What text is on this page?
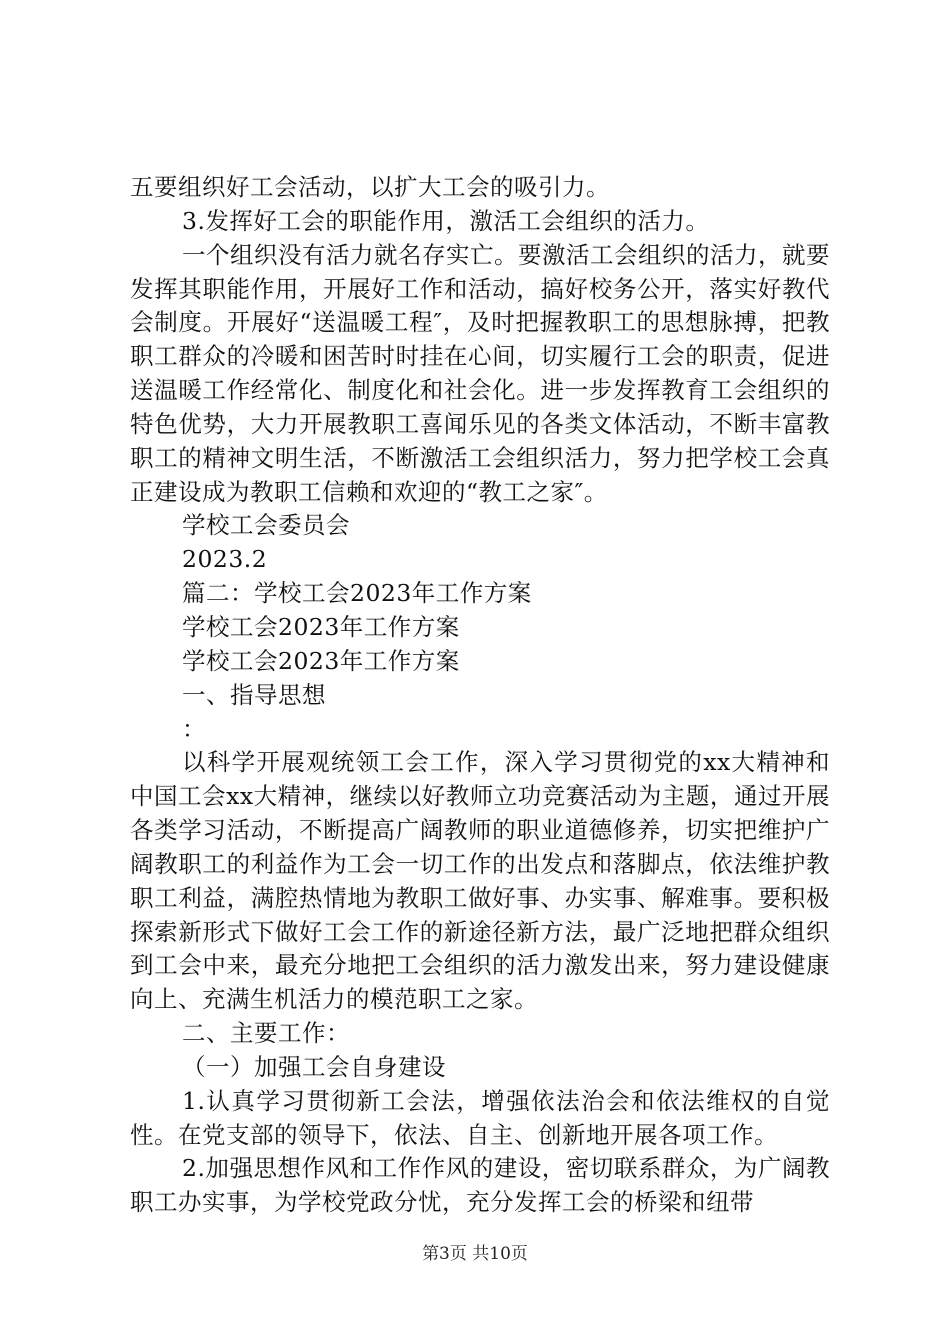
五要组织好工会活动，以扩大工会的吸引力。

3.发挥好工会的职能作用，激活工会组织的活力。

一个组织没有活力就名存实亡。要激活工会组织的活力，就要发挥其职能作用，开展好工作和活动，搞好校务公开，落实好教代会制度。开展好“送温暖工程″，及时把握教职工的思想脉搏，把教职工群众的冷暖和困苦时时挂在心间，切实履行工会的职责，促进送温暖工作经常化、制度化和社会化。进一步发挥教育工会组织的特色优势，大力开展教职工喜闻乐见的各类文体活动，不断丰富教职工的精神文明生活，不断激活工会组织活力，努力把学校工会真正建设成为教职工信赖和欢迎的“教工之家″。

学校工会委员会

2023.2

篇二：学校工会2023年工作方案

学校工会2023年工作方案

学校工会2023年工作方案

一、指导思想

：

以科学开展观统领工会工作，深入学习贯彻党的xx大精神和中国工会xx大精神，继续以好教师立功竞赛活动为主题，通过开展各类学习活动，不断提高广阔教师的职业道德修养，切实把维护广阔教职工的利益作为工会一切工作的出发点和落脚点，依法维护教职工利益，满腔热情地为教职工做好事、办实事、解难事。要积极探索新形式下做好工会工作的新途径新方法，最广泛地把群众组织到工会中来，最充分地把工会组织的活力激发出来，努力建设健康向上、充满生机活力的模范职工之家。

二、主要工作：

（一）加强工会自身建设

1.认真学习贯彻新工会法，增强依法治会和依法维权的自觉性。在党支部的领导下，依法、自主、创新地开展各项工作。

2.加强思想作风和工作作风的建设，密切联系群众，为广阔教职工办实事，为学校党政分忧，充分发挥工会的桥梁和纽带

第3页 共10页
